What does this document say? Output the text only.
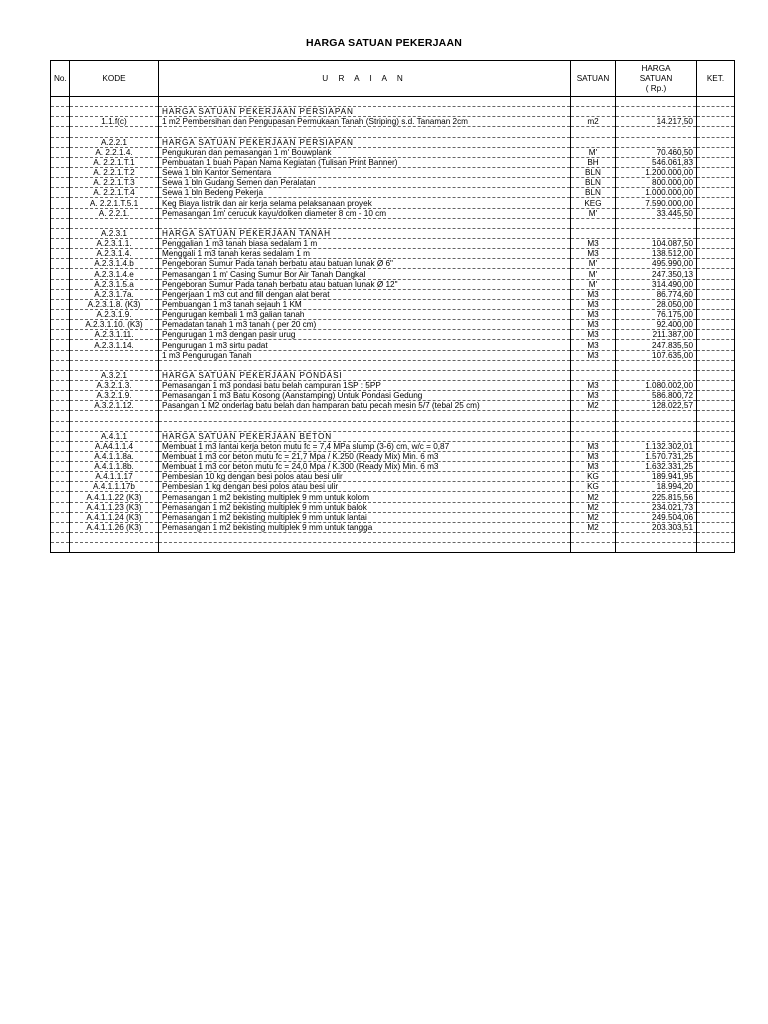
HARGA SATUAN PEKERJAAN
No.	KODE	U R A I A N	SATUAN	HARGA
SATUAN
( Rp.)	KET.

		HARGA SATUAN PEKERJAAN PERSIAPAN			
	1.1.f(c)	1 m2 Pembersihan dan Pengupasan Permukaan Tanah (Striping) s.d. Tanaman 2cm	m2	14.217,50	

	A.2.2.1	HARGA SATUAN PEKERJAAN PERSIAPAN			
	A. 2.2.1.4.	Pengukuran dan pemasangan 1 m' Bouwplank	M'	70.460,50	
	A. 2.2.1.T.1	Pembuatan 1 buah Papan Nama Kegiatan (Tulisan Print Banner)	BH	546.061,83	
	A. 2.2.1.T.2	Sewa 1 bln Kantor Sementara	BLN	1.200.000,00	
	A. 2.2.1.T.3	Sewa 1 bln Gudang Semen dan Peralatan	BLN	800.000,00	
	A. 2.2.1.T.4	Sewa 1 bln Bedeng Pekerja	BLN	1.000.000,00	
	A. 2.2.1.T.5.1	Keg Biaya listrik dan air kerja selama pelaksanaan proyek	KEG	7.590.000,00	
	A. 2.2.1.	Pemasangan 1m' cerucuk kayu/dolken diameter 8 cm - 10 cm	M'	33.445,50	

	A.2.3.1	HARGA SATUAN PEKERJAAN TANAH			
	A.2.3.1.1.	Penggalian 1 m3 tanah biasa sedalam 1 m	M3	104.087,50	
	A.2.3.1.4.	Menggali 1 m3 tanah keras sedalam 1 m	M3	138.512,00	
	A.2.3.1.4.b	Pengeboran Sumur Pada tanah berbatu atau batuan lunak Ø 6"	M'	495.990,00	
	A.2.3.1.4.e	Pemasangan 1 m' Casing Sumur Bor Air Tanah Dangkal	M'	247.350,13	
	A.2.3.1.5.a	Pengeboran Sumur Pada tanah berbatu atau batuan lunak Ø 12"	M'	314.490,00	
	A.2.3.1.7a.	Pengerjaan 1 m3 cut and fill dengan alat berat	M3	86.774,60	
	A.2.3.1.8. (K3)	Pembuangan 1 m3 tanah sejauh 1 KM	M3	28.050,00	
	A.2.3.1.9.	Pengurugan kembali 1 m3 galian tanah	M3	76.175,00	
	A.2.3.1.10. (K3)	Pemadatan tanah 1 m3 tanah ( per 20 cm)	M3	92.400,00	
	A.2.3.1.11.	Pengurugan 1 m3 dengan pasir urug	M3	211.387,00	
	A.2.3.1.14.	Pengurugan 1 m3 sirtu padat	M3	247.835,50	
		1 m3 Pengurugan Tanah	M3	107.635,00	

	A.3.2.1	HARGA SATUAN PEKERJAAN PONDASI			
	A.3.2.1.3.	Pemasangan 1 m3 pondasi batu belah campuran 1SP : 5PP	M3	1.080.002,00	
	A.3.2.1.9.	Pemasangan 1 m3 Batu Kosong (Aanstamping) Untuk Pondasi Gedung	M3	586.800,72	
	A.3.2.1.12.	Pasangan 1 M2 onderlag batu belah dan hamparan batu pecah mesin 5/7 (tebal 25 cm)	M2	128.022,57	

	A.4.1.1	HARGA SATUAN PEKERJAAN BETON			
	A.A4.1.1.4	Membuat 1 m3 lantai kerja beton mutu fc = 7,4 MPa slump (3-6) cm, w/c = 0,87	M3	1.132.302,01	
	A.4.1.1.8a.	Membuat 1 m3 cor beton mutu fc = 21,7 Mpa / K.250 (Ready Mix) Min. 6 m3	M3	1.570.731,25	
	A.4.1.1.8b.	Membuat 1 m3 cor beton mutu fc = 24,0 Mpa / K.300 (Ready Mix) Min. 6 m3	M3	1.632.331,25	
	A.4.1.1.17	Pembesian 10 kg dengan besi polos atau besi ulir	KG	189.941,95	
	A.4.1.1.17b	Pembesian 1 kg dengan besi polos atau besi ulir	KG	18.994,20	
	A.4.1.1.22 (K3)	Pemasangan 1 m2 bekisting multiplek 9 mm untuk kolom	M2	225.815,56	
	A.4.1.1.23 (K3)	Pemasangan 1 m2 bekisting multiplek 9 mm untuk balok	M2	234.021,73	
	A.4.1.1.24 (K3)	Pemasangan 1 m2 bekisting multiplek 9 mm untuk lantai	M2	249.504,06	
	A.4.1.1.26 (K3)	Pemasangan 1 m2 bekisting multiplek 9 mm untuk tangga	M2	203.303,51	
